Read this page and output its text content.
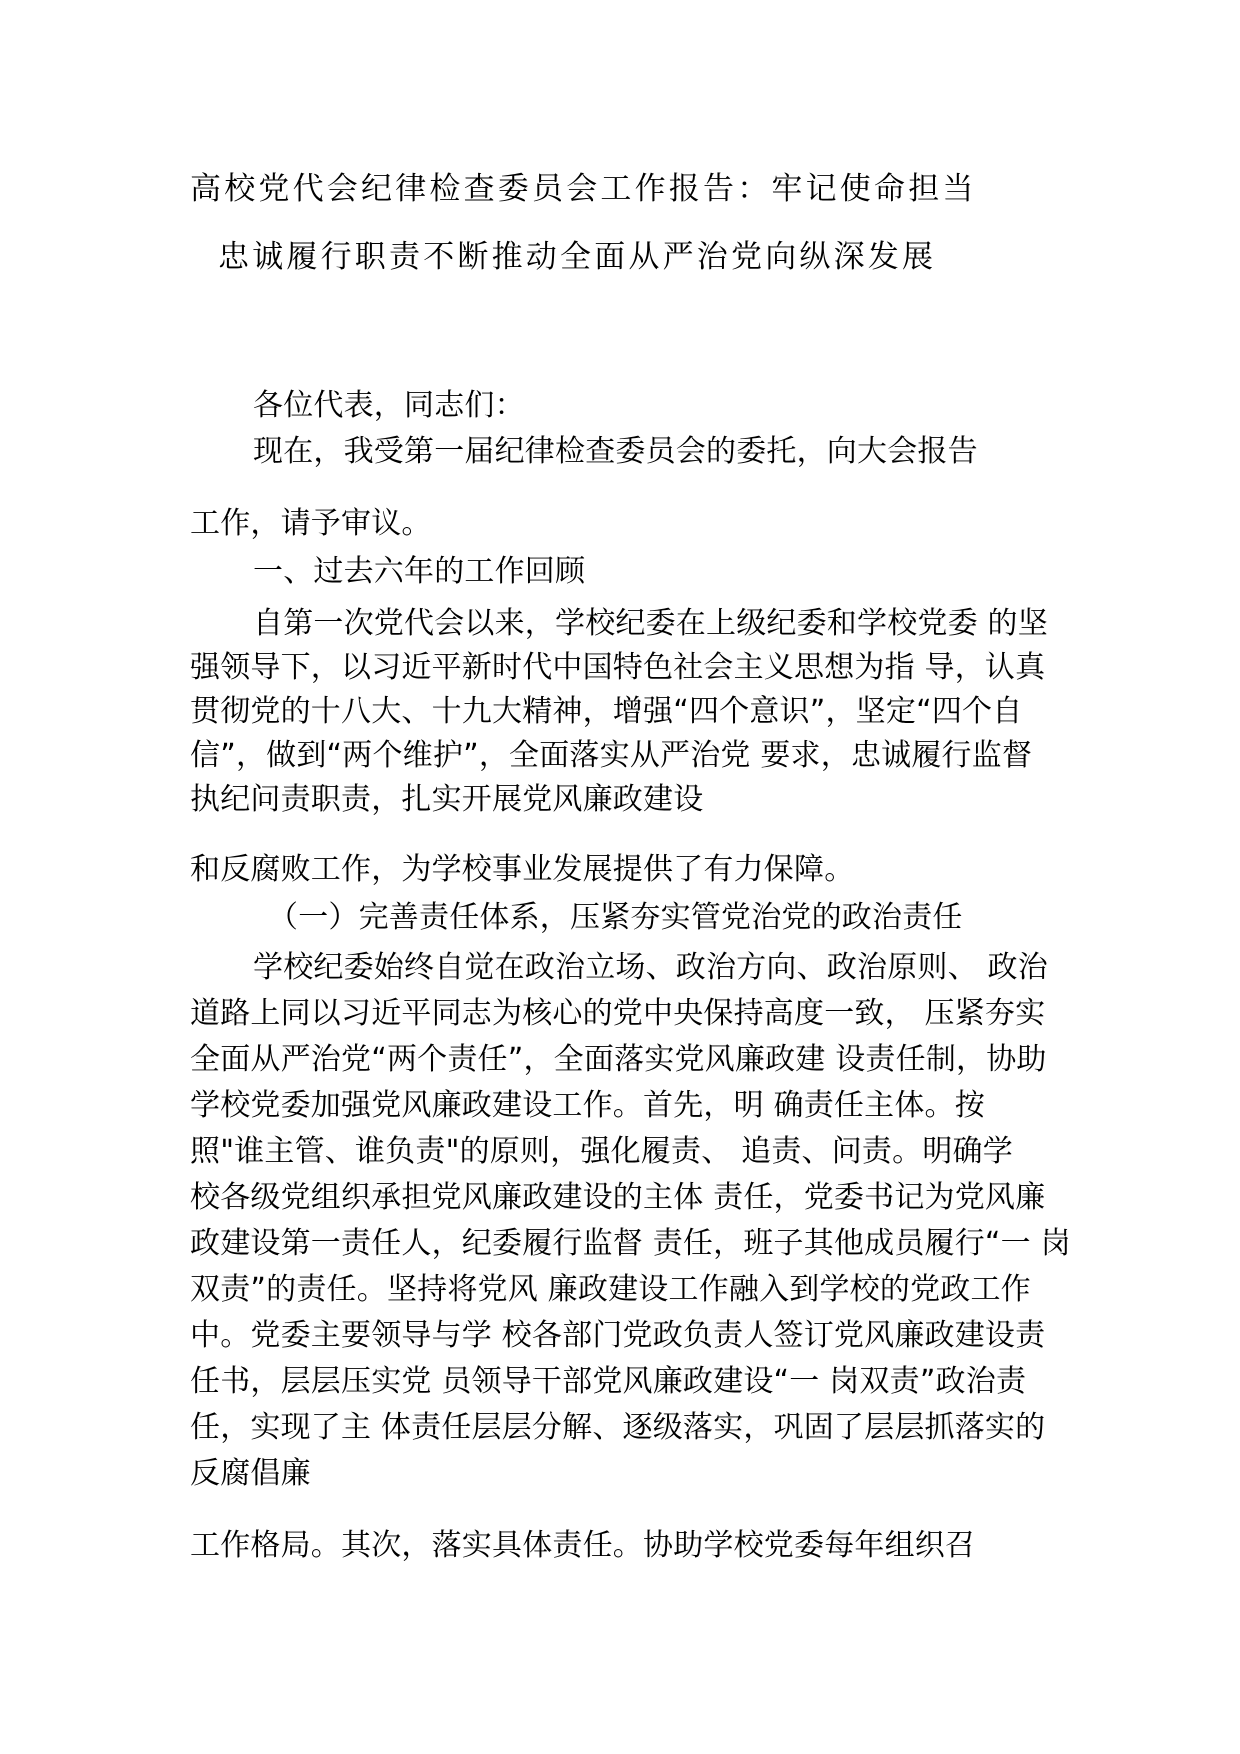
高校党代会纪律检查委员会工作报告：牢记使命担当
忠诚履行职责不断推动全面从严治党向纵深发展
各位代表，同志们：
现在，我受第一届纪律检查委员会的委托，向大会报告
工作，请予审议。
一、过去六年的工作回顾
自第一次党代会以来，学校纪委在上级纪委和学校党委 的坚
强领导下，以习近平新时代中国特色社会主义思想为指 导，认真
贯彻党的十八大、十九大精神，增强“四个意识”，坚定“四个自
信”，做到“两个维护”，全面落实从严治党 要求，忠诚履行监督
执纪问责职责，扎实开展党风廉政建设
和反腐败工作，为学校事业发展提供了有力保障。
（一）完善责任体系，压紧夯实管党治党的政治责任
学校纪委始终自觉在政治立场、政治方向、政治原则、 政治
道路上同以习近平同志为核心的党中央保持高度一致， 压紧夯实
全面从严治党“两个责任”，全面落实党风廉政建 设责任制，协助
学校党委加强党风廉政建设工作。首先，明 确责任主体。按
照"谁主管、谁负责"的原则，强化履责、 追责、问责。明确学
校各级党组织承担党风廉政建设的主体 责任，党委书记为党风廉
政建设第一责任人，纪委履行监督 责任，班子其他成员履行“一 岗
双责”的责任。坚持将党风 廉政建设工作融入到学校的党政工作
中。党委主要领导与学 校各部门党政负责人签订党风廉政建设责
任书，层层压实党 员领导干部党风廉政建设“一 岗双责”政治责
任，实现了主 体责任层层分解、逐级落实，巩固了层层抓落实的
反腐倡廉
工作格局。其次，落实具体责任。协助学校党委每年组织召
